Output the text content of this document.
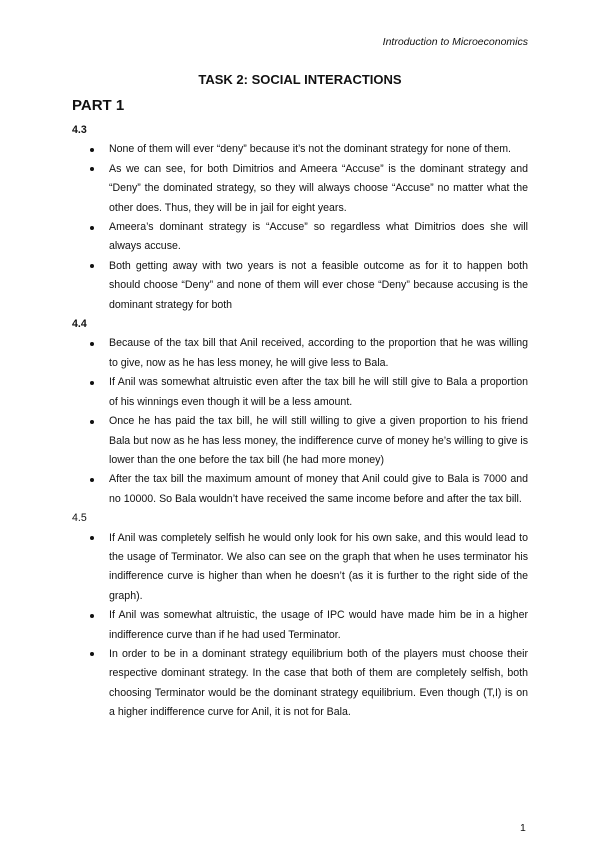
Introduction to Microeconomics
TASK 2: SOCIAL INTERACTIONS
PART 1

4.3

None of them will ever “deny” because it’s not the dominant strategy for none of them.
As we can see, for both Dimitrios and Ameera “Accuse” is the dominant strategy and “Deny” the dominated strategy, so they will always choose “Accuse” no matter what the other does. Thus, they will be in jail for eight years.
Ameera’s dominant strategy is “Accuse” so regardless what Dimitrios does she will always accuse.
Both getting away with two years is not a feasible outcome as for it to happen both should choose “Deny” and none of them will ever chose “Deny” because accusing is the dominant strategy for both

4.4

Because of the tax bill that Anil received, according to the proportion that he was willing to give, now as he has less money, he will give less to Bala.
If Anil was somewhat altruistic even after the tax bill he will still give to Bala a proportion of his winnings even though it will be a less amount.
Once he has paid the tax bill, he will still willing to give a given proportion to his friend Bala but now as he has less money, the indifference curve of money he’s willing to give is lower than the one before the tax bill (he had more money)
After the tax bill the maximum amount of money that Anil could give to Bala is 7000 and no 10000. So Bala wouldn’t have received the same income before and after the tax bill.

4.5

If Anil was completely selfish he would only look for his own sake, and this would lead to the usage of Terminator. We also can see on the graph that when he uses terminator his indifference curve is higher than when he doesn’t (as it is further to the right side of the graph).
If Anil was somewhat altruistic, the usage of IPC would have made him be in a higher indifference curve than if he had used Terminator.
In order to be in a dominant strategy equilibrium both of the players must choose their respective dominant strategy. In the case that both of them are completely selfish, both choosing Terminator would be the dominant strategy equilibrium. Even though (T,I) is on a higher indifference curve for Anil, it is not for Bala.
1
